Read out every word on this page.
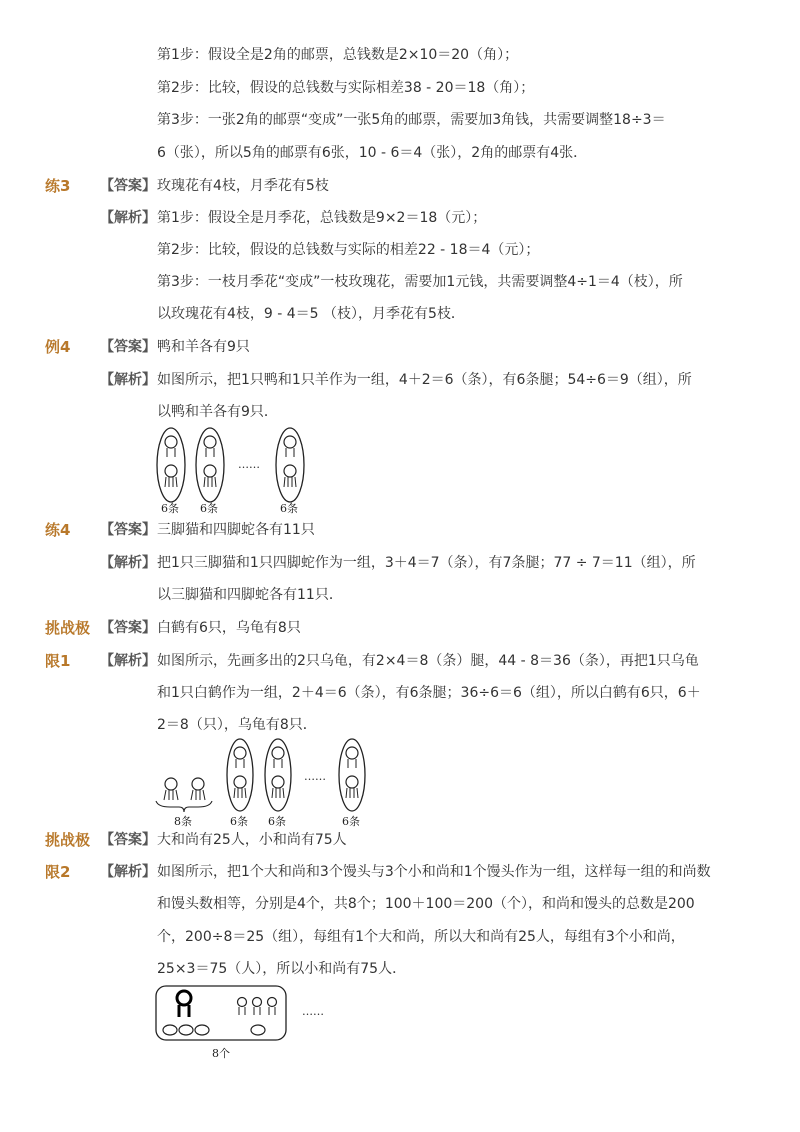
第1步：假设全是2角的邮票，总钱数是2×10＝20（角）；
第2步：比较，假设的总钱数与实际相差38 - 20＝18（角）；
第3步：一张2角的邮票“变成”一张5角的邮票，需要加3角钱，共需要调整18÷3＝
6（张），所以5角的邮票有6张，10 - 6＝4（张），2角的邮票有4张．
练3 【答案】 玫瑰花有4枝，月季花有5枝
【解析】 第1步：假设全是月季花，总钱数是9×2＝18（元）；
第2步：比较，假设的总钱数与实际的相差22 - 18＝4（元）；
第3步：一枝月季花“变成”一枝玫瑰花，需要加1元钱，共需要调整4÷1＝4（枝），所
以玫瑰花有4枝，9 - 4＝5 （枝），月季花有5枝．
例4 【答案】 鸭和羊各有9只
【解析】 如图所示，把1只鸭和1只羊作为一组，4＋2＝6（条），有6条腿；54÷6＝9（组），所
以鸭和羊各有9只．
6条 6条
……
6条
练4 【答案】 三脚猫和四脚蛇各有11只
【解析】 把1只三脚猫和1只四脚蛇作为一组，3＋4＝7（条），有7条腿；77 ÷ 7＝11（组），所
以三脚猫和四脚蛇各有11只．
挑战极
限1
【答案】 白鹤有6只，乌龟有8只
【解析】 如图所示，先画多出的2只乌龟，有2×4＝8（条）腿，44 - 8＝36（条），再把1只乌龟
和1只白鹤作为一组，2＋4＝6（条），有6条腿；36÷6＝6（组），所以白鹤有6只，6＋
2＝8（只），乌龟有8只．
8条	6条 6条
……
6条
挑战极
限2
【答案】 大和尚有25人，小和尚有75人
【解析】 如图所示，把1个大和尚和3个馒头与3个小和尚和1个馒头作为一组，这样每一组的和尚数
和馒头数相等，分别是4个，共8个；100＋100＝200（个），和尚和馒头的总数是200
个，200÷8＝25（组），每组有1个大和尚，所以大和尚有25人，每组有3个小和尚，
25×3＝75（人），所以小和尚有75人．
……
8个
